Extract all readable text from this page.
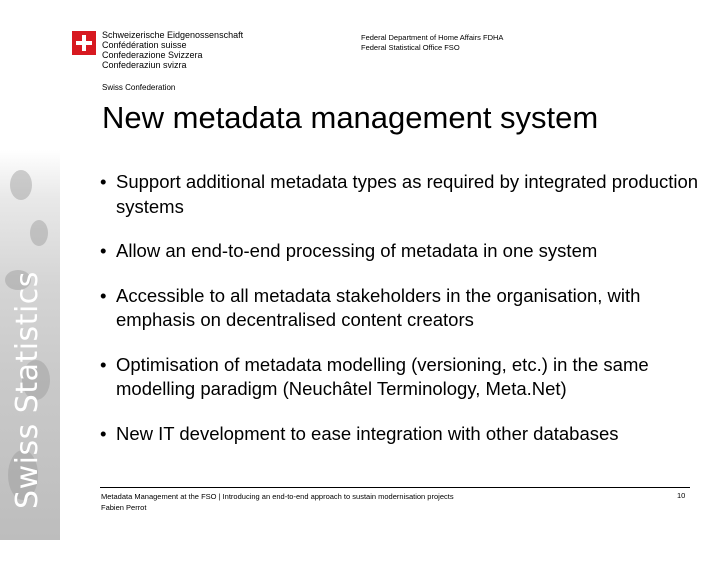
Swiss Statistics
Schweizerische Eidgenossenschaft
Confédération suisse
Confederazione Svizzera
Confederaziun svizra
Swiss Confederation
Federal Department of Home Affairs FDHA
Federal Statistical Office FSO
New metadata management system
• Support additional metadata types as required by integrated production systems
• Allow an end-to-end processing of metadata in one system
• Accessible to all metadata stakeholders in the organisation, with emphasis on decentralised content creators
• Optimisation of metadata modelling (versioning, etc.) in the same modelling paradigm (Neuchâtel Terminology, Meta.Net)
• New IT development to ease integration with other databases
Metadata Management at the FSO | Introducing an end-to-end approach to sustain modernisation projects
Fabien Perrot
10
